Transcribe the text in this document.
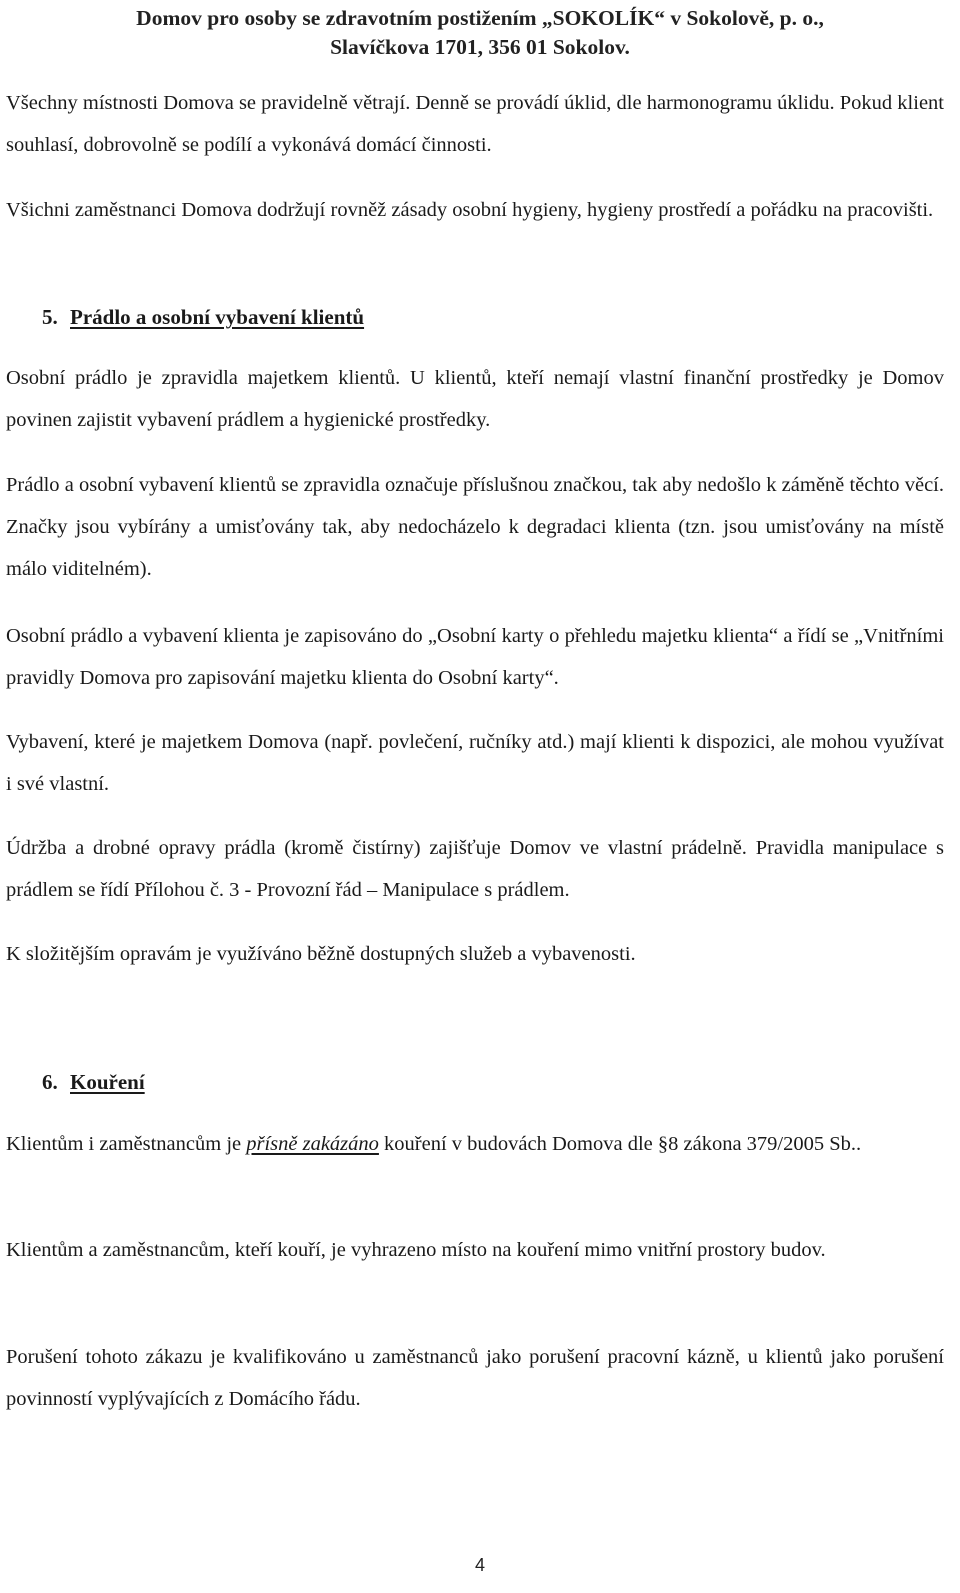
Domov pro osoby se zdravotním postižením „SOKOLÍK“ v Sokolově, p. o.,
Slavíčkova 1701, 356 01 Sokolov.

Všechny místnosti Domova se pravidelně větrají. Denně se provádí úklid, dle harmonogramu úklidu. Pokud klient souhlasí, dobrovolně se podílí a vykonává domácí činnosti.

Všichni zaměstnanci Domova dodržují rovněž zásady osobní hygieny, hygieny prostředí a pořádku na pracovišti.

5. Prádlo a osobní vybavení klientů

Osobní prádlo je zpravidla majetkem klientů. U klientů, kteří nemají vlastní finanční prostředky je Domov povinen zajistit vybavení prádlem a hygienické prostředky.

Prádlo a osobní vybavení klientů se zpravidla označuje příslušnou značkou, tak aby nedošlo k záměně těchto věcí. Značky jsou vybírány a umisťovány tak, aby nedocházelo k degradaci klienta (tzn. jsou umisťovány na místě málo viditelném).

Osobní prádlo a vybavení klienta je zapisováno do „Osobní karty o přehledu majetku klienta“ a řídí se „Vnitřními pravidly Domova pro zapisování majetku klienta do Osobní karty“.

Vybavení, které je majetkem Domova (např. povlečení, ručníky atd.) mají klienti k dispozici, ale mohou využívat i své vlastní.

Údržba a drobné opravy prádla (kromě čistírny) zajišťuje Domov ve vlastní prádelně. Pravidla manipulace s prádlem se řídí Přílohou č. 3 - Provozní řád – Manipulace s prádlem.

K složitějším opravám je využíváno běžně dostupných služeb a vybavenosti.

6. Kouření

Klientům i zaměstnancům je přísně zakázáno kouření v budovách Domova dle §8 zákona 379/2005 Sb..

Klientům a zaměstnancům, kteří kouří, je vyhrazeno místo na kouření mimo vnitřní prostory budov.

Porušení tohoto zákazu je kvalifikováno u zaměstnanců jako porušení pracovní kázně, u klientů jako porušení povinností vyplývajících z Domácího řádu.

4
